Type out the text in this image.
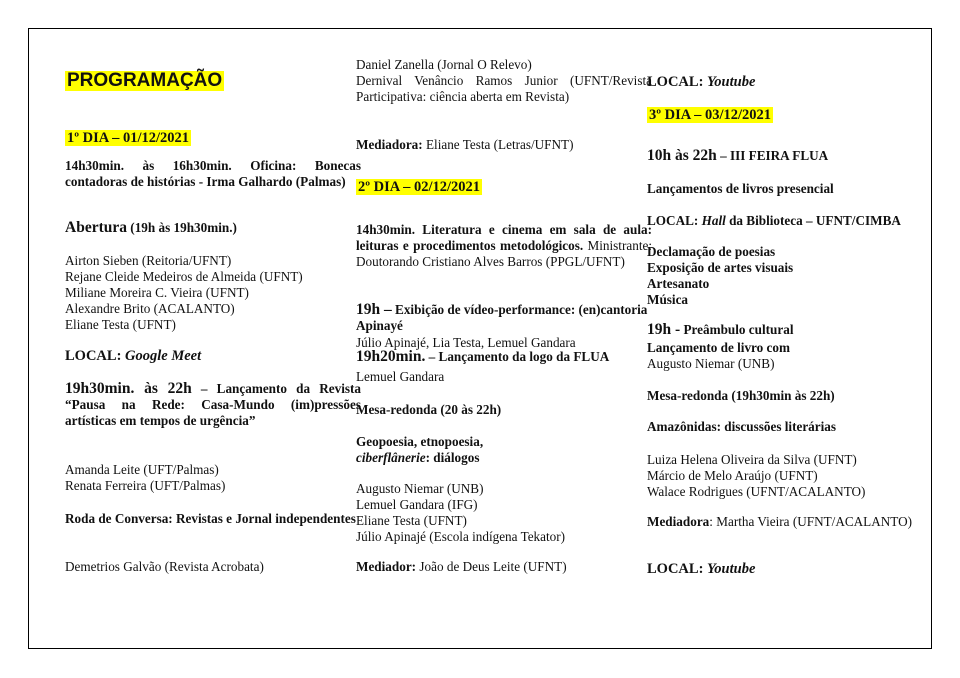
PROGRAMAÇÃO
1º DIA – 01/12/2021

14h30min. às 16h30min. Oficina: Bonecas contadoras de histórias - Irma Galhardo (Palmas)

Abertura (19h às 19h30min.)

Airton Sieben (Reitoria/UFNT)
Rejane Cleide Medeiros de Almeida (UFNT)
Miliane Moreira C. Vieira (UFNT)
Alexandre Brito (ACALANTO)
Eliane Testa (UFNT)

LOCAL: Google Meet

19h30min. às 22h – Lançamento da Revista “Pausa na Rede: Casa-Mundo (im)pressões artísticas em tempos de urgência”

Amanda Leite (UFT/Palmas)
Renata Ferreira (UFT/Palmas)

Roda de Conversa: Revistas e Jornal independentes

Demetrios Galvão (Revista Acrobata)

Daniel Zanella (Jornal O Relevo)

Dernival Venâncio Ramos Junior (UFNT/Revista Participativa: ciência aberta em Revista)

Mediadora: Eliane Testa (Letras/UFNT)

2º DIA – 02/12/2021

14h30min. Literatura e cinema em sala de aula: leituras e procedimentos metodológicos. Ministrante: Doutorando Cristiano Alves Barros (PPGL/UFNT)

19h – Exibição de vídeo-performance: (en)cantoria Apinayé

Júlio Apinajé, Lia Testa, Lemuel Gandara

19h20min. – Lançamento da logo da FLUA

Lemuel Gandara

Mesa-redonda (20 às 22h)

Geopoesia, etnopoesia,
ciberflânerie: diálogos
Augusto Niemar (UNB)
Lemuel Gandara (IFG)
Eliane Testa (UFNT)
Júlio Apinajé (Escola indígena Tekator)

Mediador: João de Deus Leite (UFNT)

LOCAL: Youtube

3º DIA – 03/12/2021

10h às 22h – III FEIRA FLUA

Lançamentos de livros presencial

LOCAL: Hall da Biblioteca – UFNT/CIMBA

Declamação de poesias
Exposição de artes visuais
Artesanato
Música

19h - Preâmbulo cultural

Lançamento de livro com

Augusto Niemar (UNB)

Mesa-redonda (19h30min às 22h)

Amazônidas: discussões literárias

Luiza Helena Oliveira da Silva (UFNT)
Márcio de Melo Araújo (UFNT)
Walace Rodrigues (UFNT/ACALANTO)

Mediadora: Martha Vieira (UFNT/ACALANTO)

LOCAL: Youtube
